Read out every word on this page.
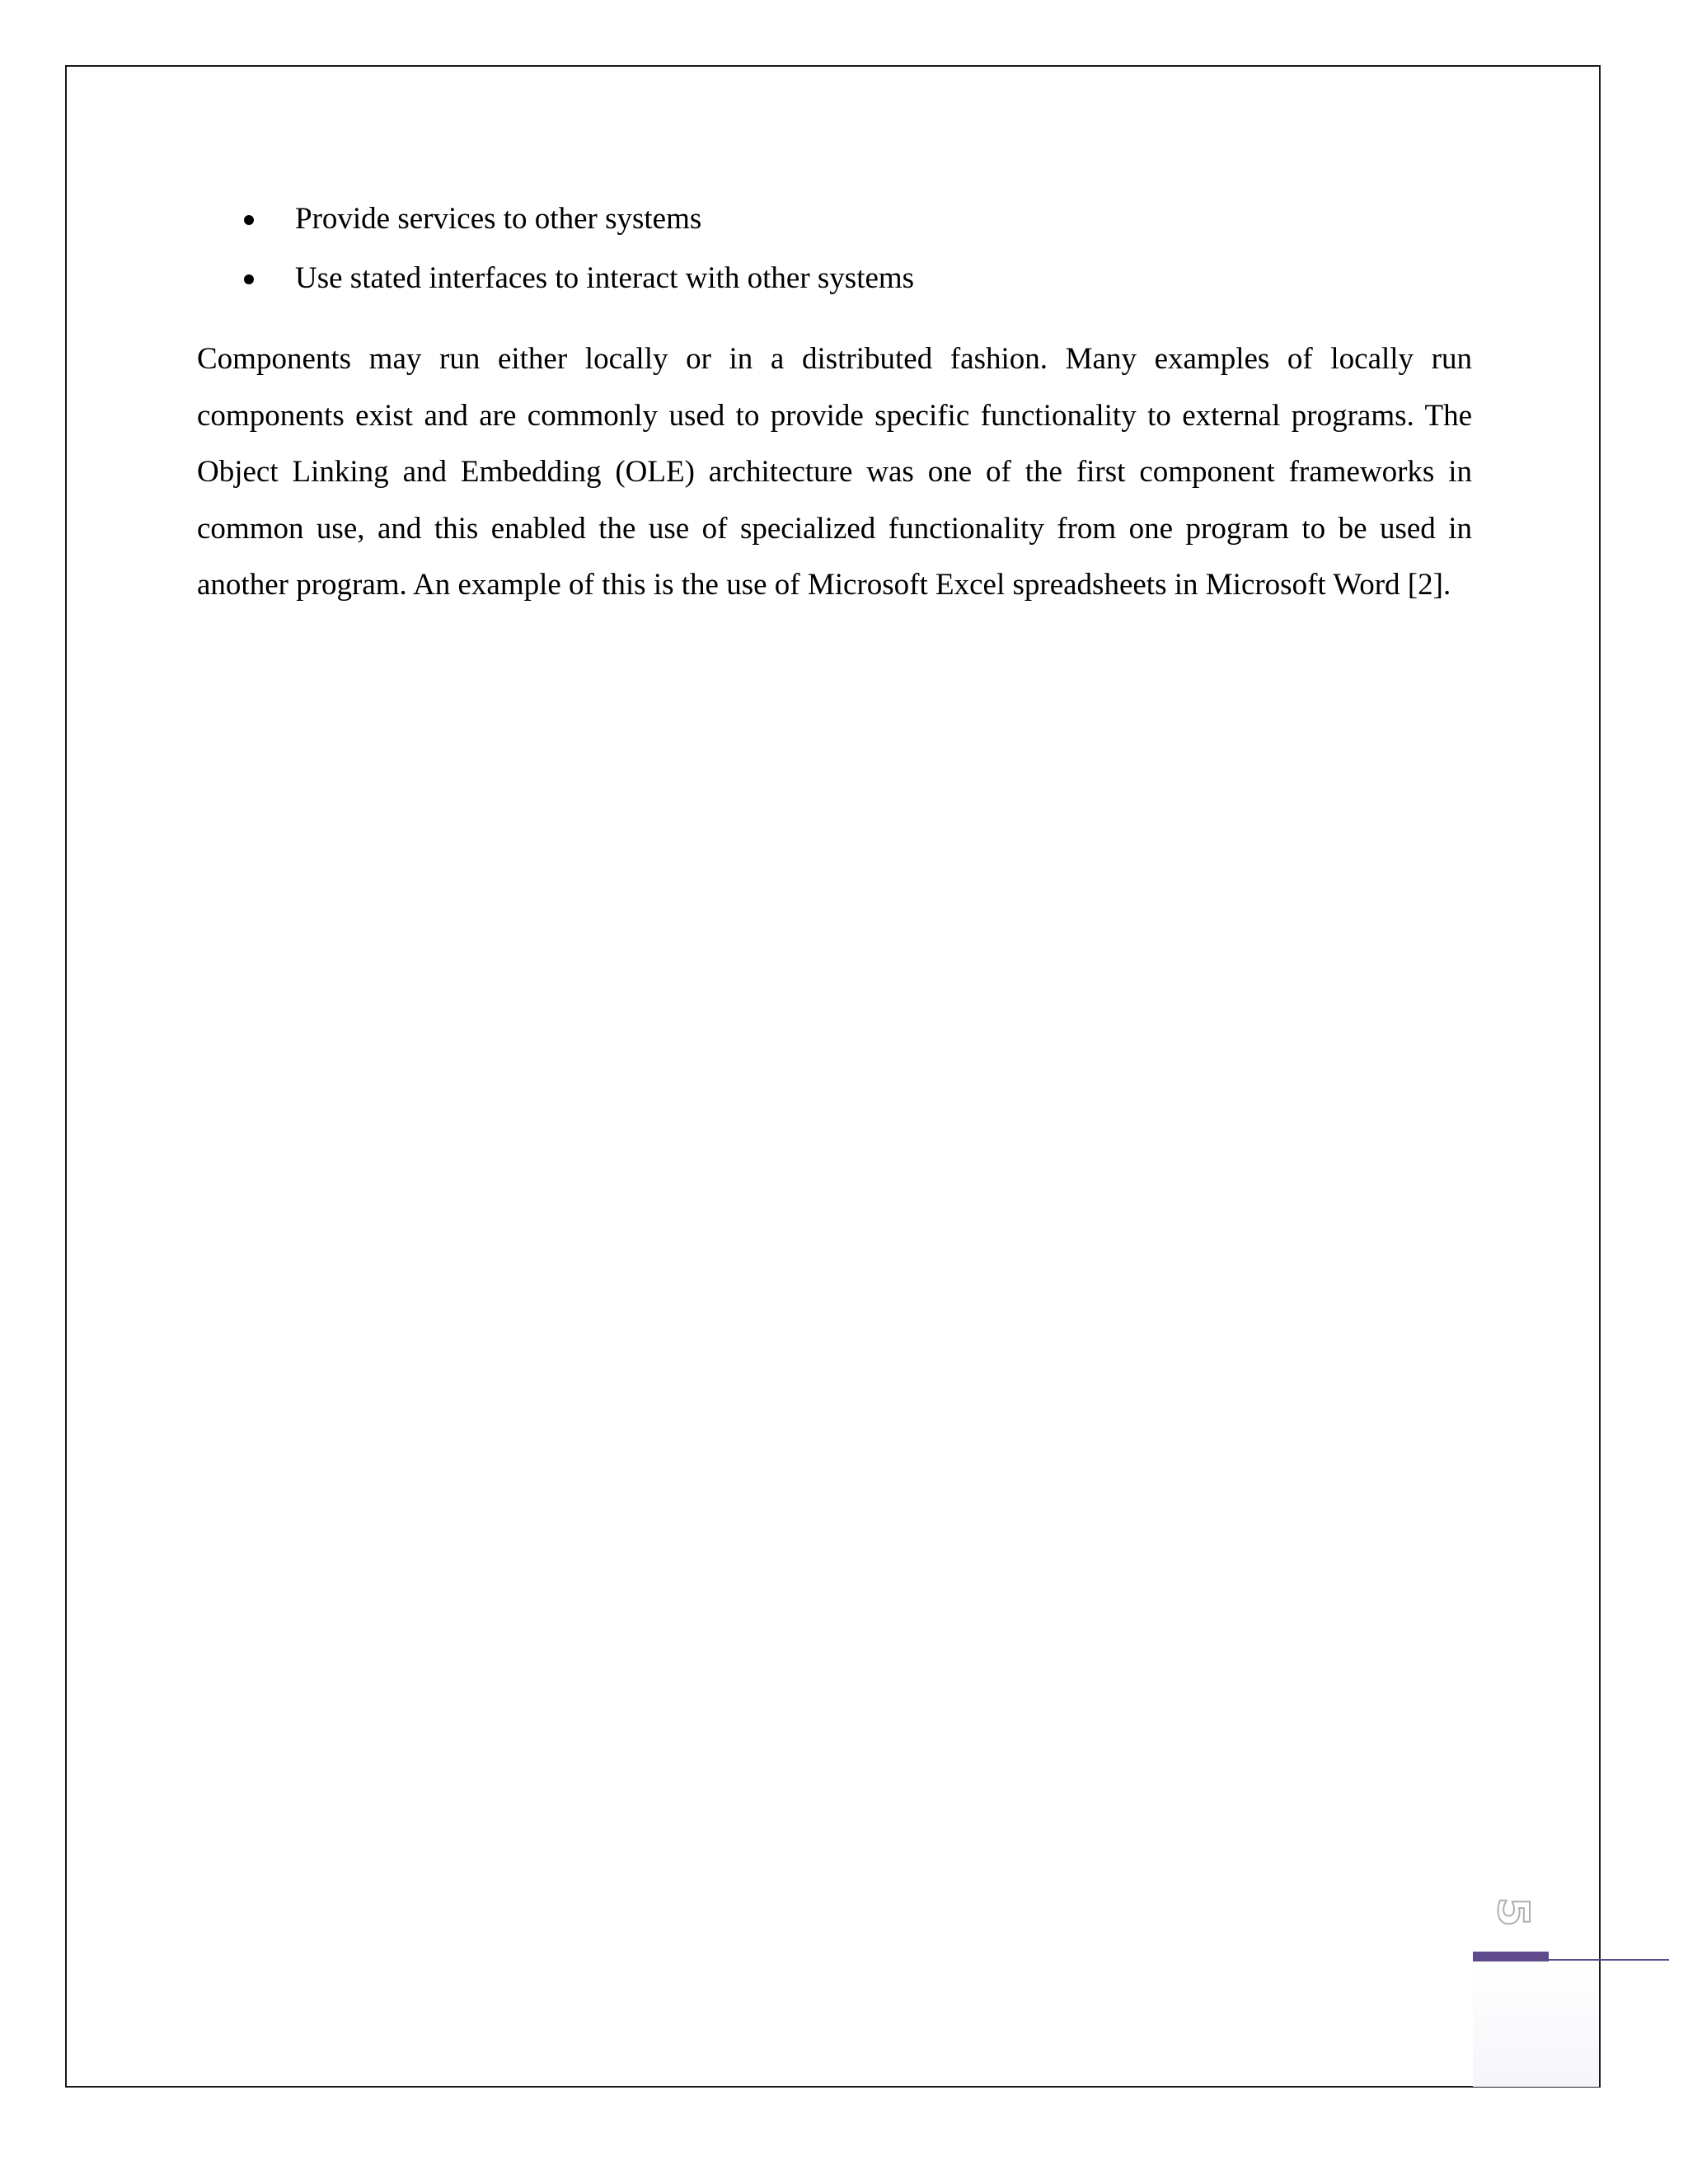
Provide services to other systems
Use stated interfaces to interact with other systems

Components may run either locally or in a distributed fashion. Many examples of locally run components exist and are commonly used to provide specific functionality to external programs. The Object Linking and Embedding (OLE) architecture was one of the first component frameworks in common use, and this enabled the use of specialized functionality from one program to be used in another program. An example of this is the use of Microsoft Excel spreadsheets in Microsoft Word [2].

5
